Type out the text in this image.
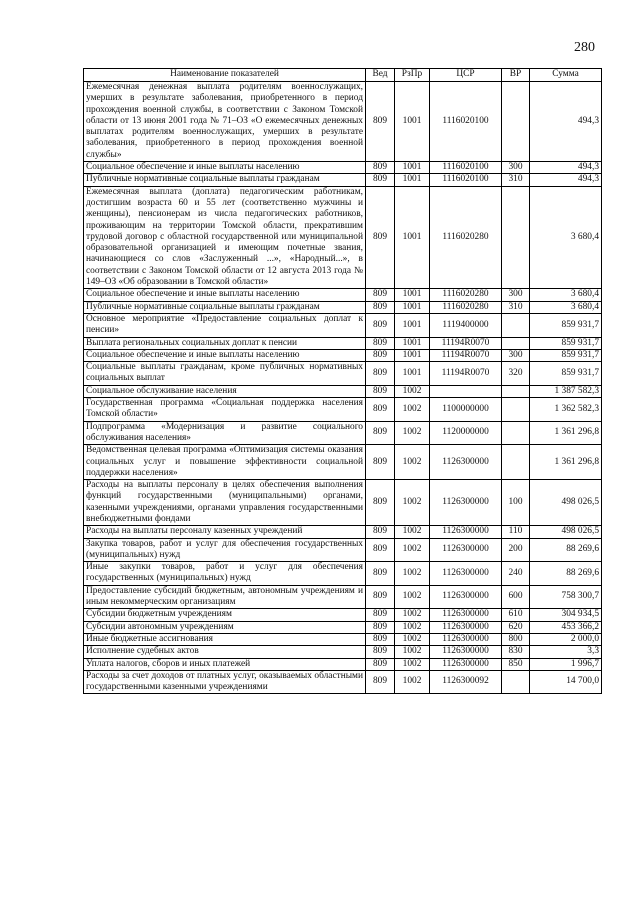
280
Наименование показателей	Вед	РзПр	ЦСР	ВР	Сумма
Ежемесячная денежная выплата родителям военнослужащих, умерших в результате заболевания, приобретенного в период прохождения военной службы, в соответствии с Законом Томской области от 13 июня 2001 года № 71–ОЗ «О ежемесячных денежных выплатах родителям военнослужащих, умерших в результате заболевания, приобретенного в период прохождения военной службы»	809	1001	1116020100		494,3
Социальное обеспечение и иные выплаты населению	809	1001	1116020100	300	494,3
Публичные нормативные социальные выплаты гражданам	809	1001	1116020100	310	494,3
Ежемесячная выплата (доплата) педагогическим работникам, достигшим возраста 60 и 55 лет (соответственно мужчины и женщины), пенсионерам из числа педагогических работников, проживающим на территории Томской области, прекратившим трудовой договор с областной государственной или муниципальной образовательной организацией и имеющим почетные звания, начинающиеся со слов «Заслуженный ...», «Народный...», в соответствии с Законом Томской области от 12 августа 2013 года № 149–ОЗ «Об образовании в Томской области»	809	1001	1116020280		3 680,4
Социальное обеспечение и иные выплаты населению	809	1001	1116020280	300	3 680,4
Публичные нормативные социальные выплаты гражданам	809	1001	1116020280	310	3 680,4
Основное мероприятие «Предоставление социальных доплат к пенсии»	809	1001	1119400000		859 931,7
Выплата региональных социальных доплат к пенсии	809	1001	11194R0070		859 931,7
Социальное обеспечение и иные выплаты населению	809	1001	11194R0070	300	859 931,7
Социальные выплаты гражданам, кроме публичных нормативных социальных выплат	809	1001	11194R0070	320	859 931,7
Социальное обслуживание населения	809	1002			1 387 582,3
Государственная программа «Социальная поддержка населения Томской области»	809	1002	1100000000		1 362 582,3
Подпрограмма «Модернизация и развитие социального обслуживания населения»	809	1002	1120000000		1 361 296,8
Ведомственная целевая программа «Оптимизация системы оказания социальных услуг и повышение эффективности социальной поддержки населения»	809	1002	1126300000		1 361 296,8
Расходы на выплаты персоналу в целях обеспечения выполнения функций государственными (муниципальными) органами, казенными учреждениями, органами управления государственными внебюджетными фондами	809	1002	1126300000	100	498 026,5
Расходы на выплаты персоналу казенных учреждений	809	1002	1126300000	110	498 026,5
Закупка товаров, работ и услуг для обеспечения государственных (муниципальных) нужд	809	1002	1126300000	200	88 269,6
Иные закупки товаров, работ и услуг для обеспечения государственных (муниципальных) нужд	809	1002	1126300000	240	88 269,6
Предоставление субсидий бюджетным, автономным учреждениям и иным некоммерческим организациям	809	1002	1126300000	600	758 300,7
Субсидии бюджетным учреждениям	809	1002	1126300000	610	304 934,5
Субсидии автономным учреждениям	809	1002	1126300000	620	453 366,2
Иные бюджетные ассигнования	809	1002	1126300000	800	2 000,0
Исполнение судебных актов	809	1002	1126300000	830	3,3
Уплата налогов, сборов и иных платежей	809	1002	1126300000	850	1 996,7
Расходы за счет доходов от платных услуг, оказываемых областными государственными казенными учреждениями	809	1002	1126300092		14 700,0
